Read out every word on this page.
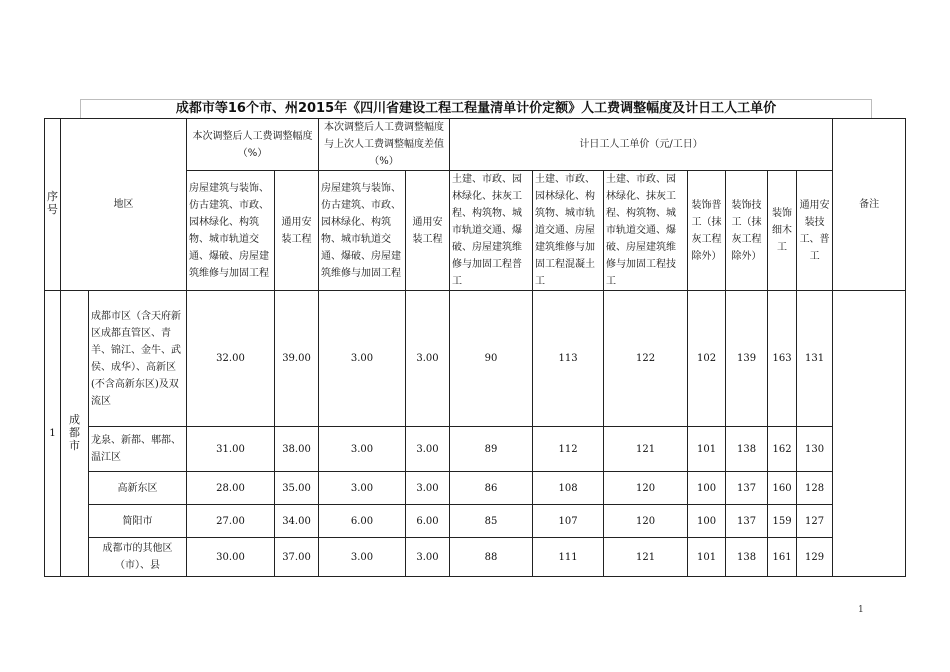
成都市等16个市、州2015年《四川省建设工程工程量清单计价定额》人工费调整幅度及计日工人工单价
序号	地区		本次调整后人工费调整幅度（%）		本次调整后人工费调整幅度与上次人工费调整幅度差值（%）		计日工人工单价（元/工日）							备注
			房屋建筑与装饰、仿古建筑、市政、园林绿化、构筑物、城市轨道交通、爆破、房屋建筑维修与加固工程	通用安装工程	房屋建筑与装饰、仿古建筑、市政、园林绿化、构筑物、城市轨道交通、爆破、房屋建筑维修与加固工程	通用安装工程	土建、市政、园林绿化、抹灰工程、构筑物、城市轨道交通、爆破、房屋建筑维修与加固工程普工	土建、市政、园林绿化、构筑物、城市轨道交通、房屋建筑维修与加固工程混凝土工	土建、市政、园林绿化、抹灰工程、构筑物、城市轨道交通、爆破、房屋建筑维修与加固工程技工	装饰普工（抹灰工程除外）	装饰技工（抹灰工程除外）	装饰细木工	通用安装技工、普工	
1	成都市	成都市区（含天府新区成都直管区、青羊、锦江、金牛、武侯、成华）、高新区(不含高新东区)及双流区	32.00	39.00	3.00	3.00	90	113	122	102	139	163	131	
		龙泉、新都、郫都、温江区	31.00	38.00	3.00	3.00	89	112	121	101	138	162	130	
		高新东区	28.00	35.00	3.00	3.00	86	108	120	100	137	160	128	
		简阳市	27.00	34.00	6.00	6.00	85	107	120	100	137	159	127	
		成都市的其他区（市）、县	30.00	37.00	3.00	3.00	88	111	121	101	138	161	129	
1
